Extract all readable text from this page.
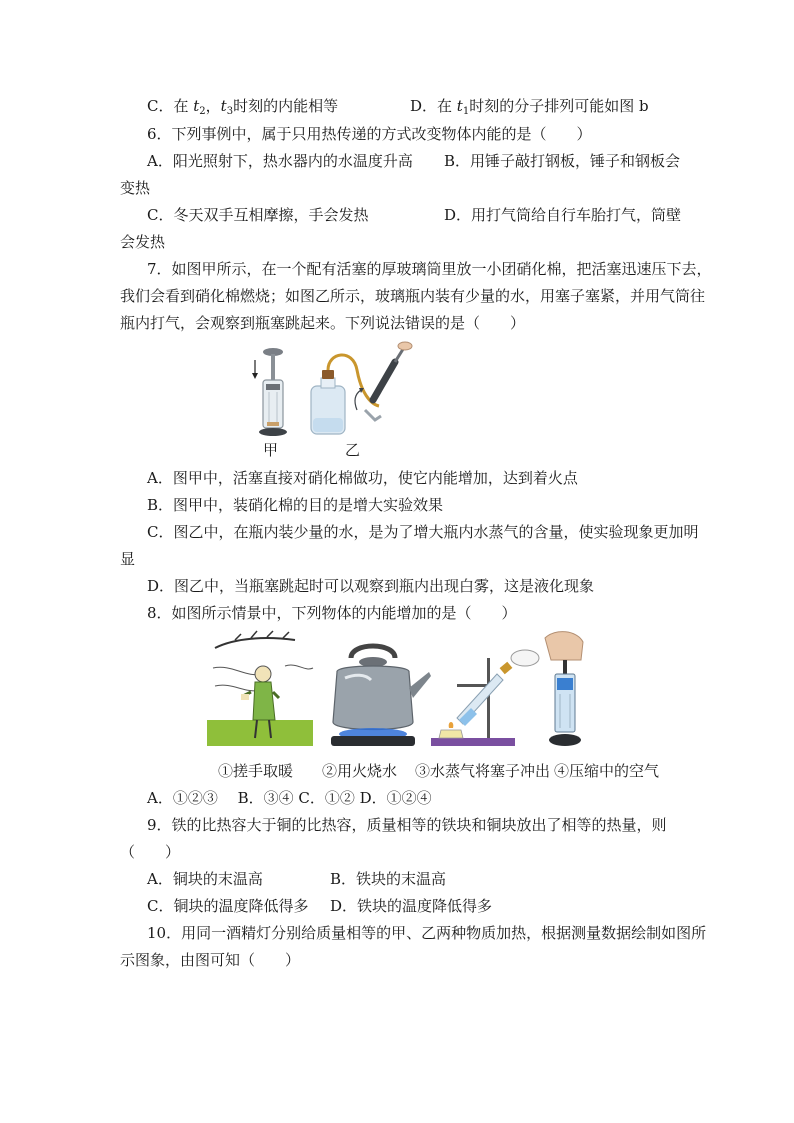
C．在 $t_2$，$t_3$时刻的内能相等	D．在 $t_1$时刻的分子排列可能如图 b
6．下列事例中，属于只用热传递的方式改变物体内能的是（　　）
A．阳光照射下，热水器内的水温度升高 B．用锤子敲打钢板，锤子和钢板会
变热
C．冬天双手互相摩擦，手会发热	D．用打气筒给自行车胎打气，筒壁
会发热
7．如图甲所示，在一个配有活塞的厚玻璃筒里放一小团硝化棉，把活塞迅速压下去，
我们会看到硝化棉燃烧；如图乙所示，玻璃瓶内装有少量的水，用塞子塞紧，并用气筒往
瓶内打气，会观察到瓶塞跳起来。下列说法错误的是（　　）
甲	乙
A．图甲中，活塞直接对硝化棉做功，使它内能增加，达到着火点
B．图甲中，装硝化棉的目的是增大实验效果
C．图乙中，在瓶内装少量的水，是为了增大瓶内水蒸气的含量，使实验现象更加明
显
D．图乙中，当瓶塞跳起时可以观察到瓶内出现白雾，这是液化现象
8．如图所示情景中，下列物体的内能增加的是（　　）
①搓手取暖 ②用火烧水 ③水蒸气将塞子冲出 ④压缩中的空气
A．①②③　 B．③④ C．①② D．①②④
9．铁的比热容大于铜的比热容，质量相等的铁块和铜块放出了相等的热量，则
（　　）
A．铜块的末温高	B．铁块的末温高
C．铜块的温度降低得多 D．铁块的温度降低得多
10．用同一酒精灯分别给质量相等的甲、乙两种物质加热，根据测量数据绘制如图所
示图象，由图可知（　　）
